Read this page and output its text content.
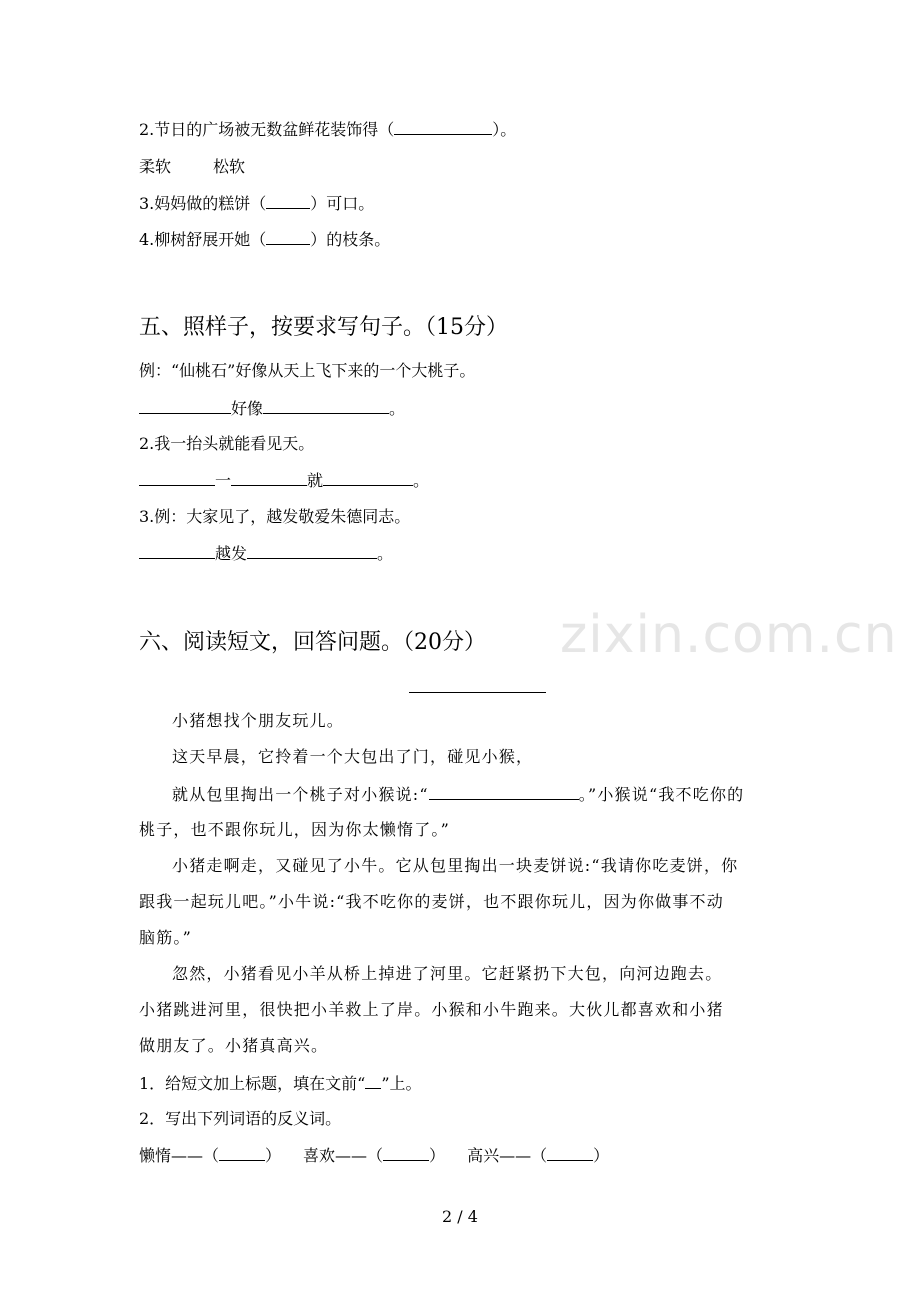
zixin.com.cn
2.节日的广场被无数盆鲜花装饰得（	）。
柔软	松软
3.妈妈做的糕饼（	）可口。
4.柳树舒展开她（	）的枝条。
五、照样子，按要求写句子。（15分）
例：“仙桃石”好像从天上飞下来的一个大桃子。
好像	。
2.我一抬头就能看见天。
一	就	。
3.例：大家见了，越发敬爱朱德同志。
越发	。
六、阅读短文，回答问题。（20分）
小猪想找个朋友玩儿。
这天早晨，它拎着一个大包出了门，碰见小猴，
就从包里掏出一个桃子对小猴说:“	。”小猴说“我不吃你的
桃子，也不跟你玩儿，因为你太懒惰了。”
小猪走啊走，又碰见了小牛。它从包里掏出一块麦饼说:“我请你吃麦饼，你
跟我一起玩儿吧。”小牛说:“我不吃你的麦饼，也不跟你玩儿，因为你做事不动
脑筋。”
忽然，小猪看见小羊从桥上掉进了河里。它赶紧扔下大包，向河边跑去。
小猪跳进河里，很快把小羊救上了岸。小猴和小牛跑来。大伙儿都喜欢和小猪
做朋友了。小猪真高兴。
1．给短文加上标题，填在文前“ ”上。
2．写出下列词语的反义词。
懒惰——（	） 喜欢——（	） 高兴——（	）
2 / 4
